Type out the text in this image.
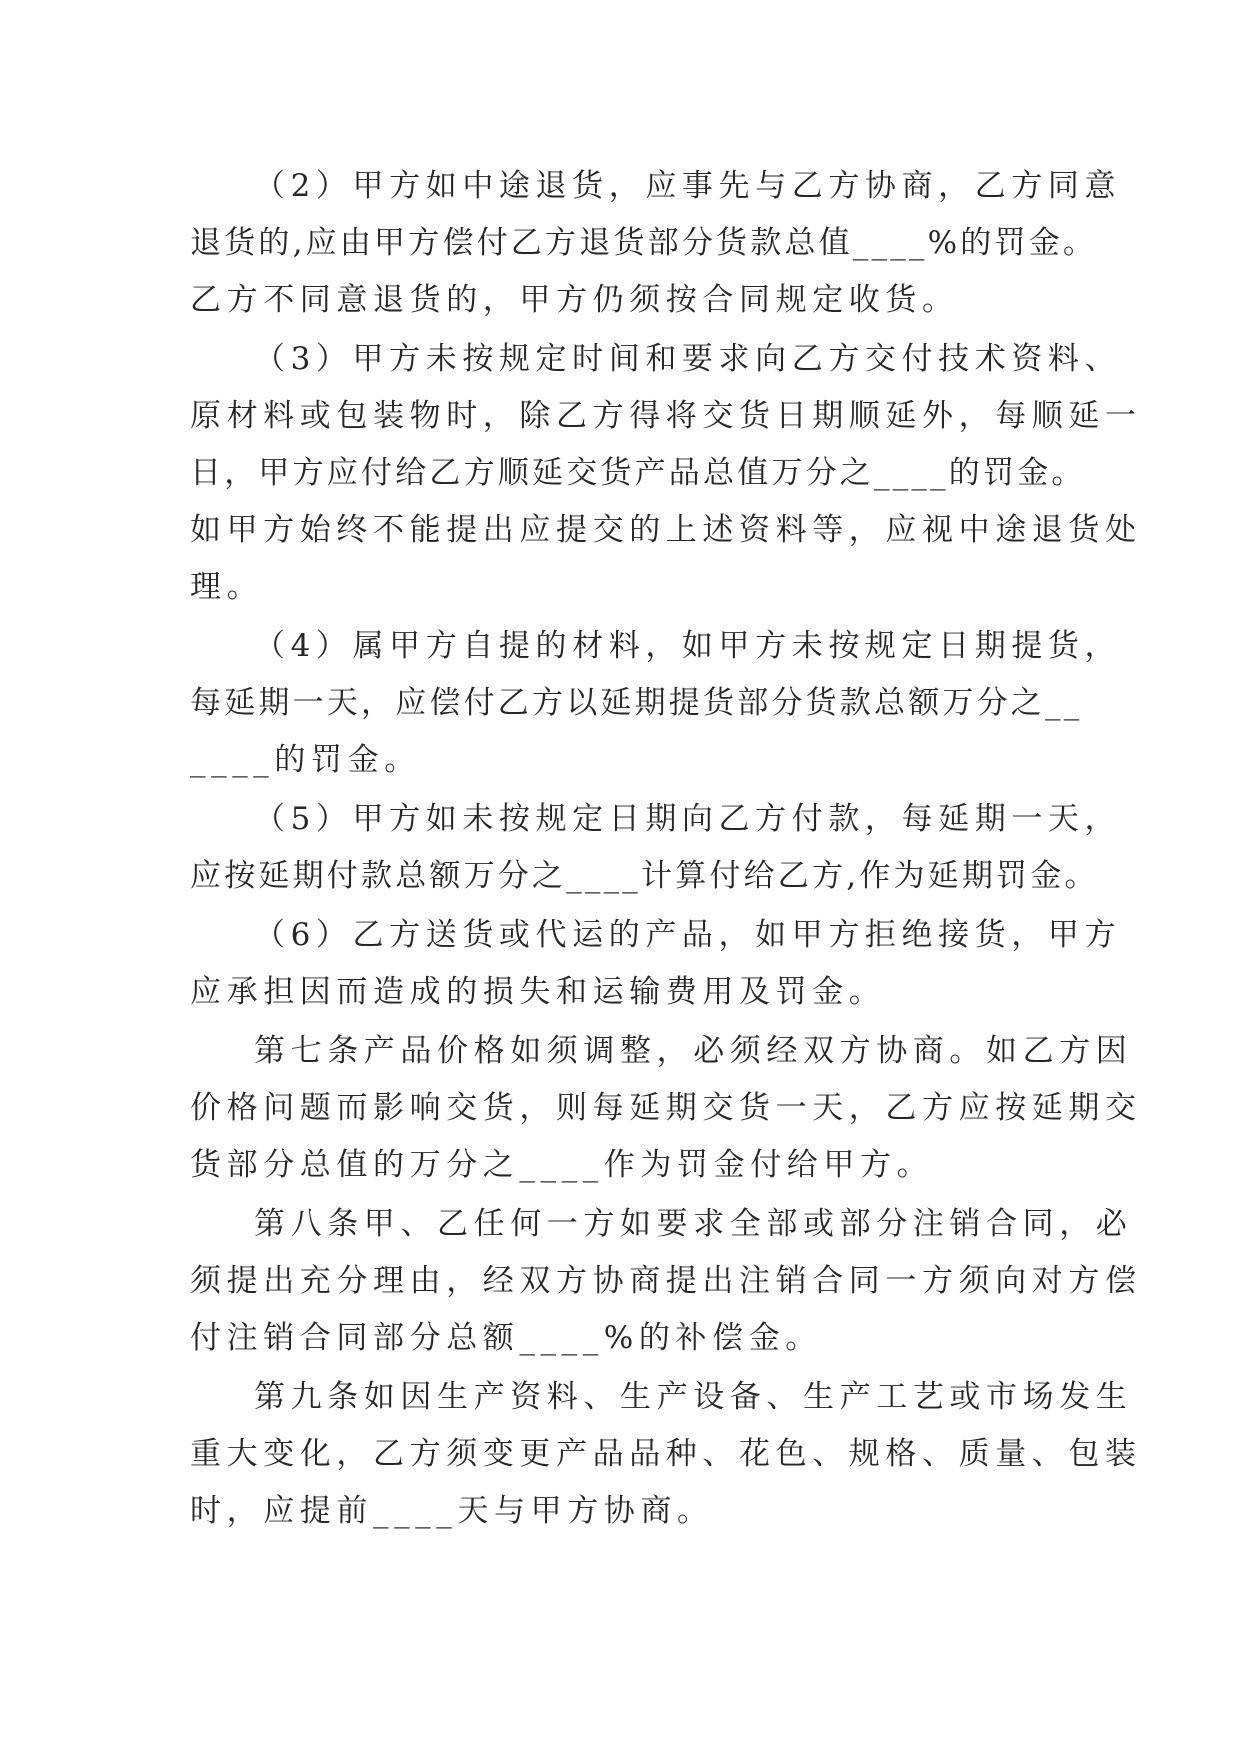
（2）甲方如中途退货，应事先与乙方协商，乙方同意

退货的,应由甲方偿付乙方退货部分货款总值____%的罚金。

乙方不同意退货的，甲方仍须按合同规定收货。

（3）甲方未按规定时间和要求向乙方交付技术资料、

原材料或包装物时，除乙方得将交货日期顺延外，每顺延一

日，甲方应付给乙方顺延交货产品总值万分之____的罚金。

如甲方始终不能提出应提交的上述资料等，应视中途退货处

理。

（4）属甲方自提的材料，如甲方未按规定日期提货，

每延期一天，应偿付乙方以延期提货部分货款总额万分之__

____的罚金。

（5）甲方如未按规定日期向乙方付款，每延期一天，

应按延期付款总额万分之____计算付给乙方,作为延期罚金。

（6）乙方送货或代运的产品，如甲方拒绝接货，甲方

应承担因而造成的损失和运输费用及罚金。

第七条产品价格如须调整，必须经双方协商。如乙方因

价格问题而影响交货，则每延期交货一天，乙方应按延期交

货部分总值的万分之____作为罚金付给甲方。

第八条甲、乙任何一方如要求全部或部分注销合同，必

须提出充分理由，经双方协商提出注销合同一方须向对方偿

付注销合同部分总额____%的补偿金。

第九条如因生产资料、生产设备、生产工艺或市场发生

重大变化，乙方须变更产品品种、花色、规格、质量、包装

时，应提前____天与甲方协商。
